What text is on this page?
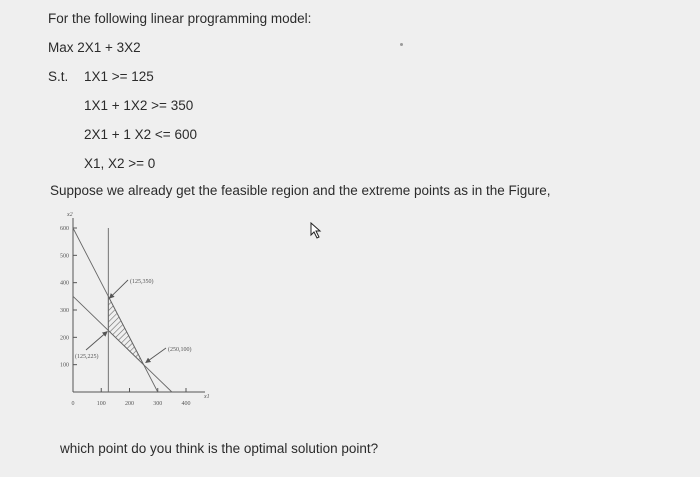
For the following linear programming model:
Max 2X1 + 3X2
S.t. 1X1 >= 125
1X1 + 1X2 >= 350
2X1 + 1 X2 <= 600
X1, X2 >= 0
Suppose we already get the feasible region and the extreme points as in the Figure,
which point do you think is the optimal solution point?
x1
x2
600
500
400
300
200
100
0	100	200	300	400
(125,350)
(125,225)
(250,100)
